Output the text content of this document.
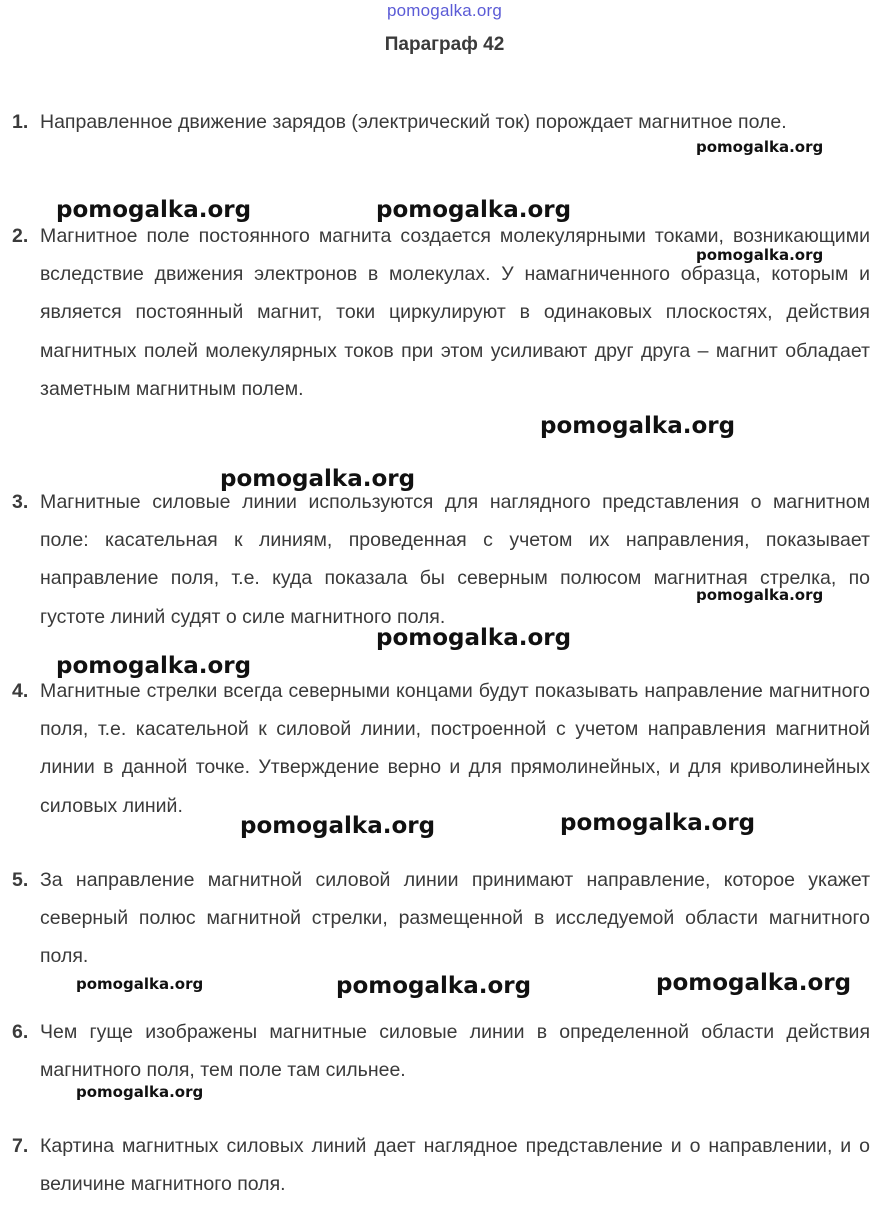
pomogalka.org
Параграф 42
1. Направленное движение зарядов (электрический ток) порождает магнитное поле.
2. Магнитное поле постоянного магнита создается молекулярными токами, возникающими вследствие движения электронов в молекулах. У намагниченного образца, которым и является постоянный магнит, токи циркулируют в одинаковых плоскостях, действия магнитных полей молекулярных токов при этом усиливают друг друга – магнит обладает заметным магнитным полем.
3. Магнитные силовые линии используются для наглядного представления о магнитном поле: касательная к линиям, проведенная с учетом их направления, показывает направление поля, т.е. куда показала бы северным полюсом магнитная стрелка, по густоте линий судят о силе магнитного поля.
4. Магнитные стрелки всегда северными концами будут показывать направление магнитного поля, т.е. касательной к силовой линии, построенной с учетом направления магнитной линии в данной точке. Утверждение верно и для прямолинейных, и для криволинейных силовых линий.
5. За направление магнитной силовой линии принимают направление, которое укажет северный полюс магнитной стрелки, размещенной в исследуемой области магнитного поля.
6. Чем гуще изображены магнитные силовые линии в определенной области действия магнитного поля, тем поле там сильнее.
7. Картина магнитных силовых линий дает наглядное представление и о направлении, и о величине магнитного поля.
pomogalka.org
pomogalka.org	pomogalka.org
pomogalka.org
pomogalka.org
pomogalka.org
pomogalka.org
pomogalka.org
pomogalka.org
pomogalka.org	pomogalka.org
pomogalka.org	pomogalka.org	pomogalka.org
pomogalka.org
